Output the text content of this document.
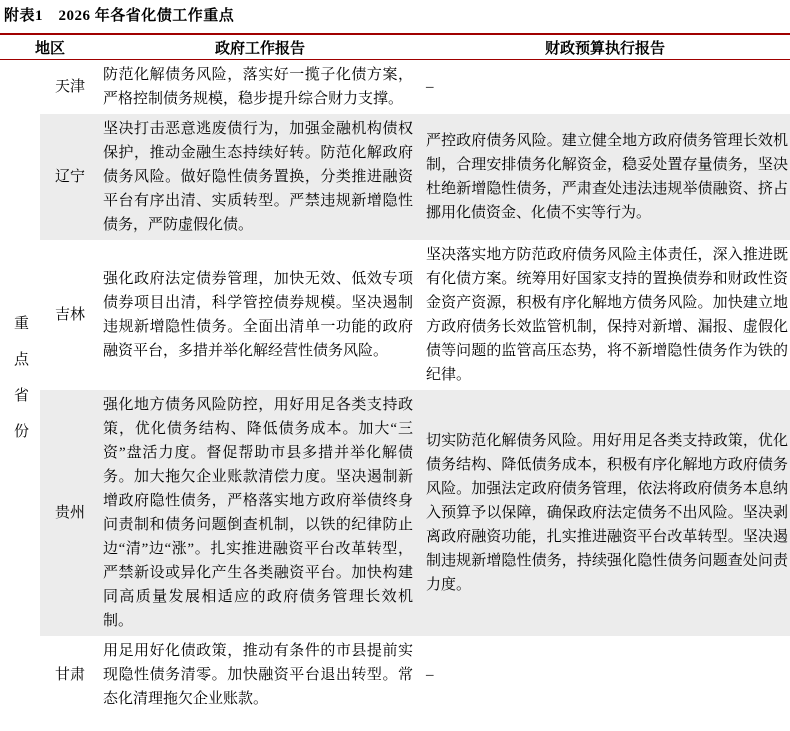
附表1　2026 年各省化债工作重点
地区	政府工作报告	财政预算执行报告
重点省份
天津

防范化解债务风险，落实好一揽子化债方案，严格控制债务规模，稳步提升综合财力支撑。

–

辽宁

坚决打击恶意逃废债行为，加强金融机构债权保护，推动金融生态持续好转。防范化解政府债务风险。做好隐性债务置换，分类推进融资平台有序出清、实质转型。严禁违规新增隐性债务，严防虚假化债。

严控政府债务风险。建立健全地方政府债务管理长效机制，合理安排债务化解资金，稳妥处置存量债务，坚决杜绝新增隐性债务，严肃查处违法违规举债融资、挤占挪用化债资金、化债不实等行为。

吉林

强化政府法定债券管理，加快无效、低效专项债券项目出清，科学管控债券规模。坚决遏制违规新增隐性债务。全面出清单一功能的政府融资平台，多措并举化解经营性债务风险。

坚决落实地方防范政府债务风险主体责任，深入推进既有化债方案。统筹用好国家支持的置换债券和财政性资金资产资源，积极有序化解地方债务风险。加快建立地方政府债务长效监管机制，保持对新增、漏报、虚假化债等问题的监管高压态势，将不新增隐性债务作为铁的纪律。

贵州

强化地方债务风险防控，用好用足各类支持政策，优化债务结构、降低债务成本。加大“三资”盘活力度。督促帮助市县多措并举化解债务。加大拖欠企业账款清偿力度。坚决遏制新增政府隐性债务，严格落实地方政府举债终身问责制和债务问题倒查机制，以铁的纪律防止边“清”边“涨”。扎实推进融资平台改革转型，严禁新设或异化产生各类融资平台。加快构建同高质量发展相适应的政府债务管理长效机制。

切实防范化解债务风险。用好用足各类支持政策，优化债务结构、降低债务成本，积极有序化解地方政府债务风险。加强法定政府债务管理，依法将政府债务本息纳入预算予以保障，确保政府法定债务不出风险。坚决剥离政府融资功能，扎实推进融资平台改革转型。坚决遏制违规新增隐性债务，持续强化隐性债务问题查处问责力度。

甘肃

用足用好化债政策，推动有条件的市县提前实现隐性债务清零。加快融资平台退出转型。常态化清理拖欠企业账款。

–
